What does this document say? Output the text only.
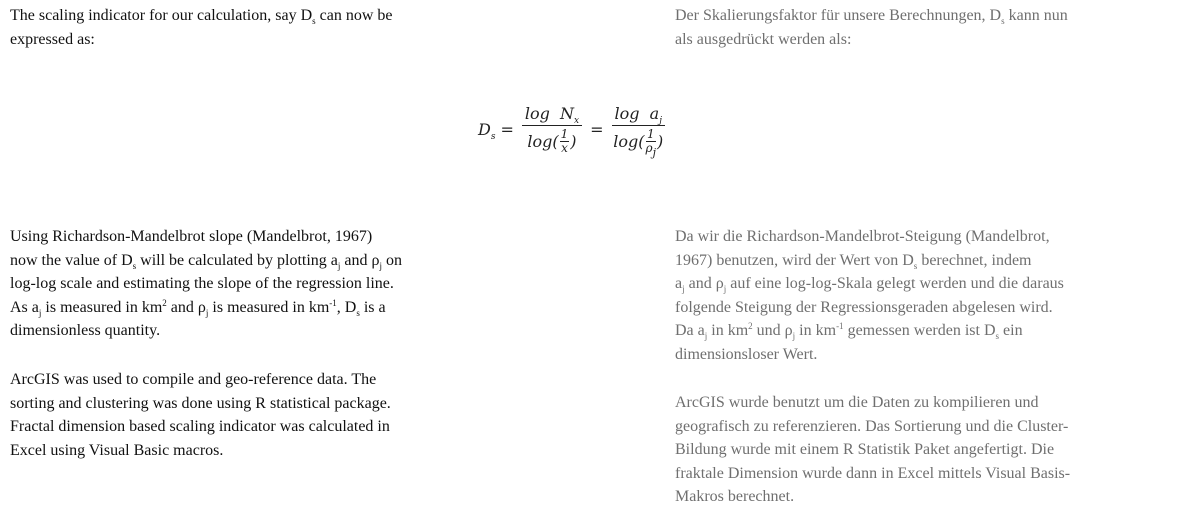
The scaling indicator for our calculation, say $D_s$ can now be
expressed as:
Using Richardson-Mandelbrot slope (Mandelbrot, 1967)
now the value of $D_s$ will be calculated by plotting $a_j$ and $\rho_j$ on
log-log scale and estimating the slope of the regression line.
As $a_j$ is measured in $km^2$ and $\rho_j$ is measured in $km^{-1}$, $D_s$ is a
dimensionless quantity.
ArcGIS was used to compile and geo-reference data. The
sorting and clustering was done using R statistical package.
Fractal dimension based scaling indicator was calculated in
Excel using Visual Basic macros.
$D_s = \log N_x$
log( 1
x ) = $\log a_j$
log( 1
$\rho_j$
)
Der Skalierungsfaktor für unsere Berechnungen, $D_s$ kann nun
als ausgedrückt werden als:
Da wir die Richardson-Mandelbrot-Steigung (Mandelbrot,
1967) benutzen, wird der Wert von $D_s$ berechnet, indem
$a_j$ and $\rho_j$ auf eine log-log-Skala gelegt werden und die daraus
folgende Steigung der Regressionsgeraden abgelesen wird.
Da $a_j$ in $km^2$ und $\rho_j$ in $km^{-1}$ gemessen werden ist $D_s$ ein
dimensionsloser Wert.
ArcGIS wurde benutzt um die Daten zu kompilieren und
geografisch zu referenzieren. Das Sortierung und die Cluster-
Bildung wurde mit einem R Statistik Paket angefertigt. Die
fraktale Dimension wurde dann in Excel mittels Visual Basis-
Makros berechnet.
